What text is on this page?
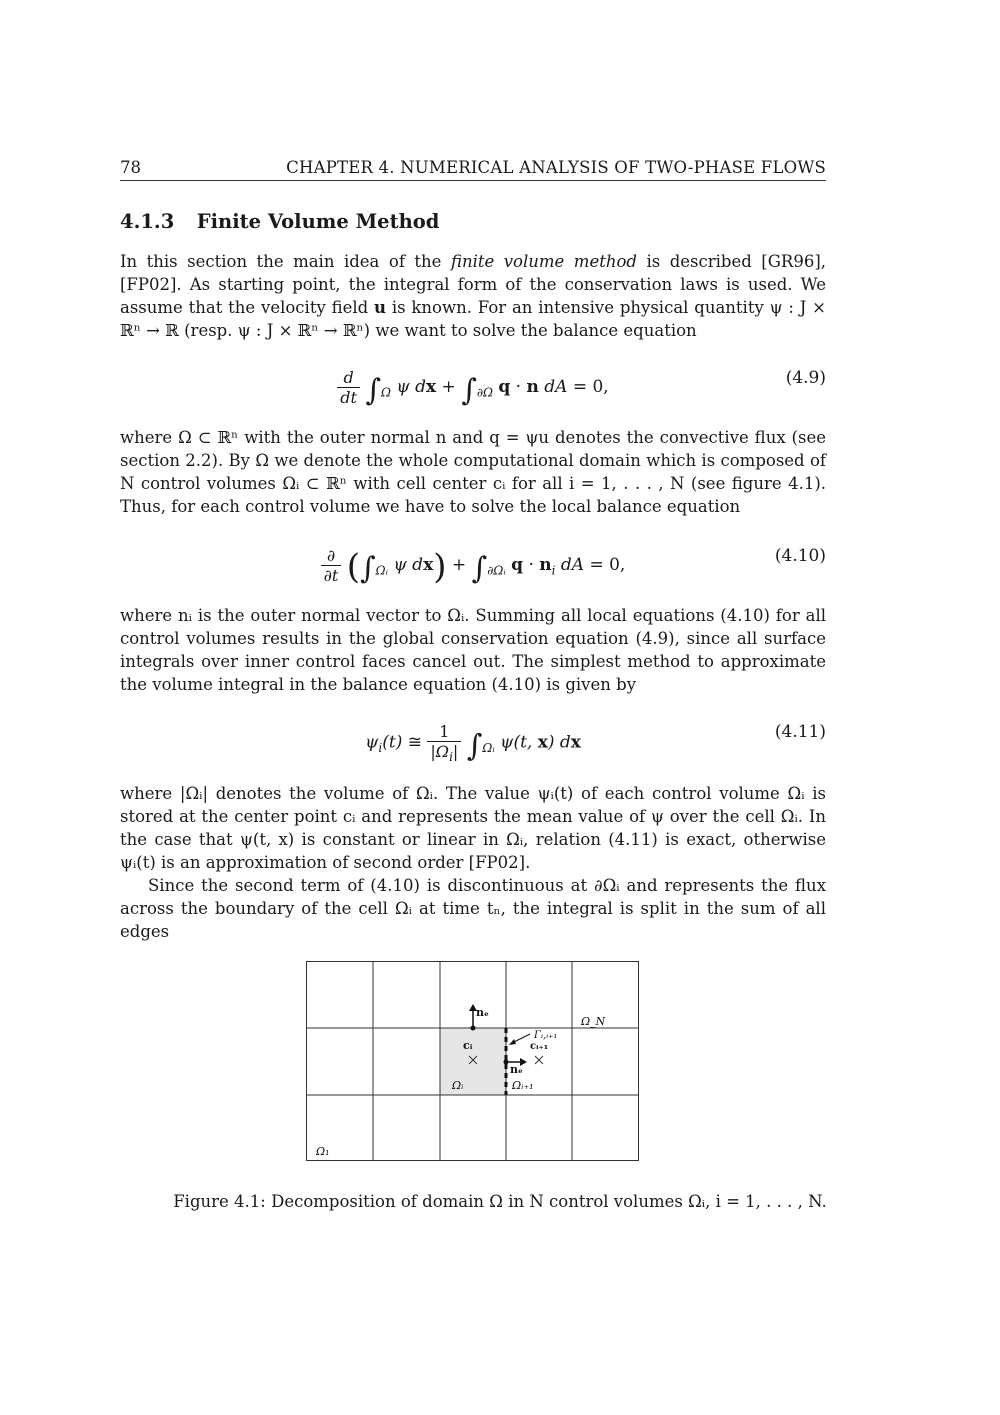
78	CHAPTER 4. NUMERICAL ANALYSIS OF TWO-PHASE FLOWS
4.1.3 Finite Volume Method
In this section the main idea of the finite volume method is described [GR96], [FP02]. As starting point, the integral form of the conservation laws is used. We assume that the velocity field u is known. For an intensive physical quantity ψ : J × ℝⁿ → ℝ (resp. ψ : J × ℝⁿ → ℝⁿ) we want to solve the balance equation
$\frac{d}{dt} \int_\Omega$ ψ dx + $\int_{\partial\Omega}$ q · n dA = 0,	(4.9)
where Ω ⊂ ℝⁿ with the outer normal n and q = ψu denotes the convective flux (see section 2.2). By Ω we denote the whole computational domain which is composed of N control volumes Ωᵢ ⊂ ℝⁿ with cell center cᵢ for all i = 1, . . . , N (see figure 4.1). Thus, for each control volume we have to solve the local balance equation
$\frac{\partial}{\partial t} (\int_{\Omega ᵢ}$ ψ $dx) + \int_{\partial\Omega ᵢ}$ $q \cdot n_i$ dA = 0,	(4.10)
where nᵢ is the outer normal vector to Ωᵢ. Summing all local equations (4.10) for all control volumes results in the global conservation equation (4.9), since all surface integrals over inner control faces cancel out. The simplest method to approximate the volume integral in the balance equation (4.10) is given by
$\psi_i(t)$ ≅ $\frac{1}{|\Omega_i|} \int_{\Omega ᵢ}$ ψ(t, x) dx
(4.11)
where |Ωᵢ| denotes the volume of Ωᵢ. The value ψᵢ(t) of each control volume Ωᵢ is stored at the center point cᵢ and represents the mean value of ψ over the cell Ωᵢ. In the case that ψ(t, x) is constant or linear in Ωᵢ, relation (4.11) is exact, otherwise ψᵢ(t) is an approximation of second order [FP02].
Since the second term of (4.10) is discontinuous at ∂Ωᵢ and represents the flux across the boundary of the cell Ωᵢ at time tₙ, the integral is split in the sum of all edges
nₑ
Ω_N
Γᵢ,ᵢ₊₁
cᵢ₊₁
cᵢ
nₑ
Ωᵢ	Ωᵢ₊₁
Ω₁
Figure 4.1: Decomposition of domain Ω in N control volumes Ωᵢ, i = 1, . . . , N.
